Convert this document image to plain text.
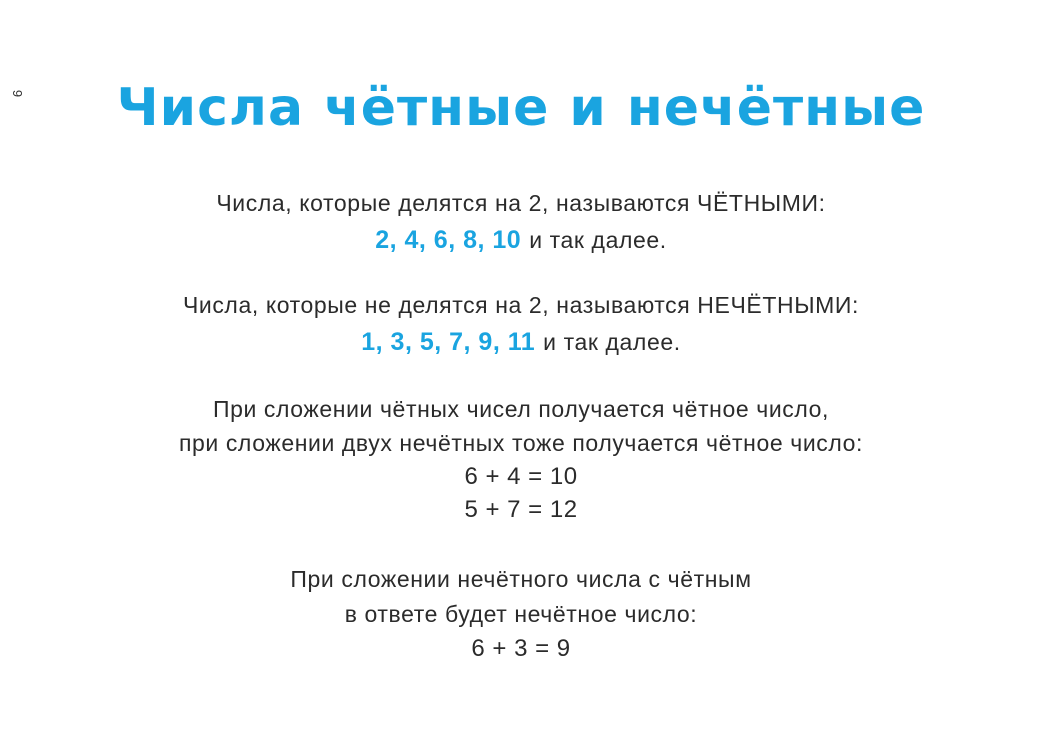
9	Числа чётные и нечётные
Числа, которые делятся на 2, называются ЧЁТНЫМИ:
2, 4, 6, 8, 10 и так далее.
Числа, которые не делятся на 2, называются НЕЧЁТНЫМИ:
1, 3, 5, 7, 9, 11 и так далее.
При сложении чётных чисел получается чётное число,
при сложении двух нечётных тоже получается чётное число:
6 + 4 = 10
5 + 7 = 12
При сложении нечётного числа с чётным
в ответе будет нечётное число:
6 + 3 = 9
